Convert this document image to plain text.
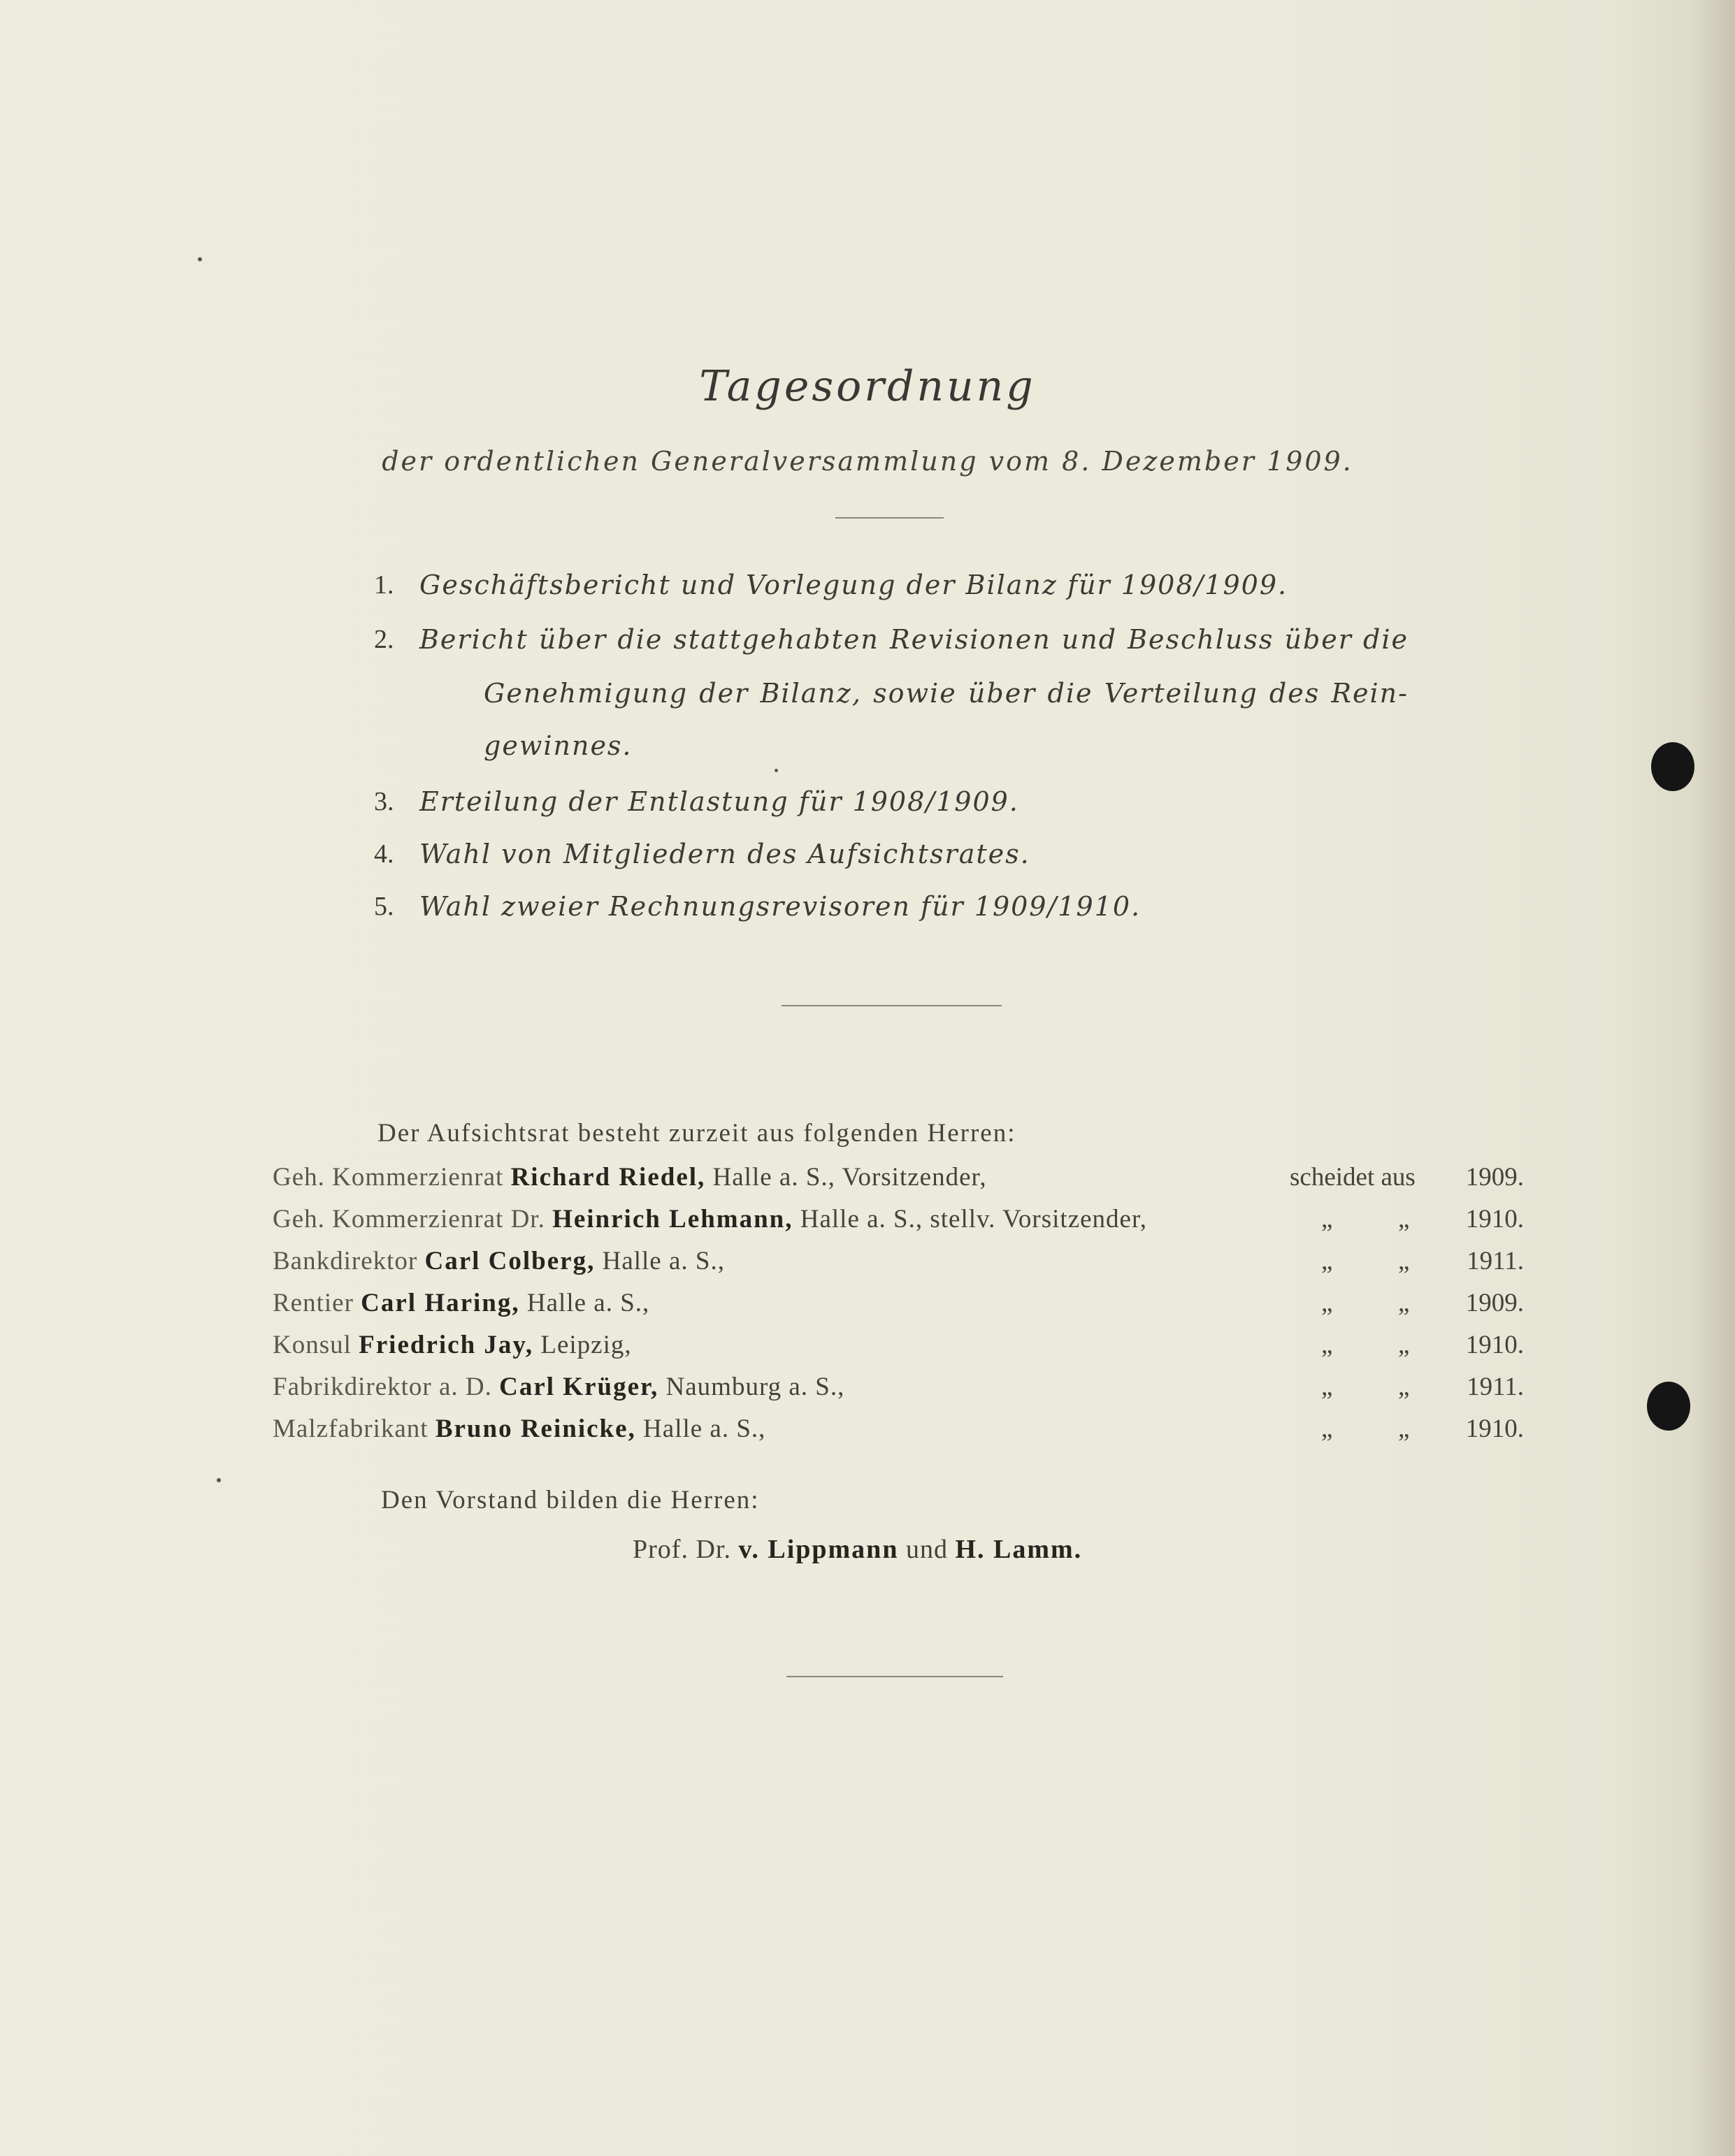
Tagesordnung
der ordentlichen Generalversammlung vom 8. Dezember 1909.
1. Geschäftsbericht und Vorlegung der Bilanz für 1908/1909.
2. Bericht über die stattgehabten Revisionen und Beschluss über die
Genehmigung der Bilanz, sowie über die Verteilung des Rein-
gewinnes.
3. Erteilung der Entlastung für 1908/1909.
4. Wahl von Mitgliedern des Aufsichtsrates.
5. Wahl zweier Rechnungsrevisoren für 1909/1910.
Der Aufsichtsrat besteht zurzeit aus folgenden Herren:
Geh. Kommerzienrat Richard Riedel, Halle a. S., Vorsitzender,	scheidet aus 1909.
Geh. Kommerzienrat Dr. Heinrich Lehmann, Halle a. S., stellv. Vorsitzender,	„	„ 1910.
Bankdirektor Carl Colberg, Halle a. S.,	„	„ 1911.
Rentier Carl Haring, Halle a. S.,	„	„ 1909.
Konsul Friedrich Jay, Leipzig,	„	„ 1910.
Fabrikdirektor a. D. Carl Krüger, Naumburg a. S.,	„	„ 1911.
Malzfabrikant Bruno Reinicke, Halle a. S.,	„	„ 1910.
Den Vorstand bilden die Herren:
Prof. Dr. v. Lippmann und H. Lamm.
